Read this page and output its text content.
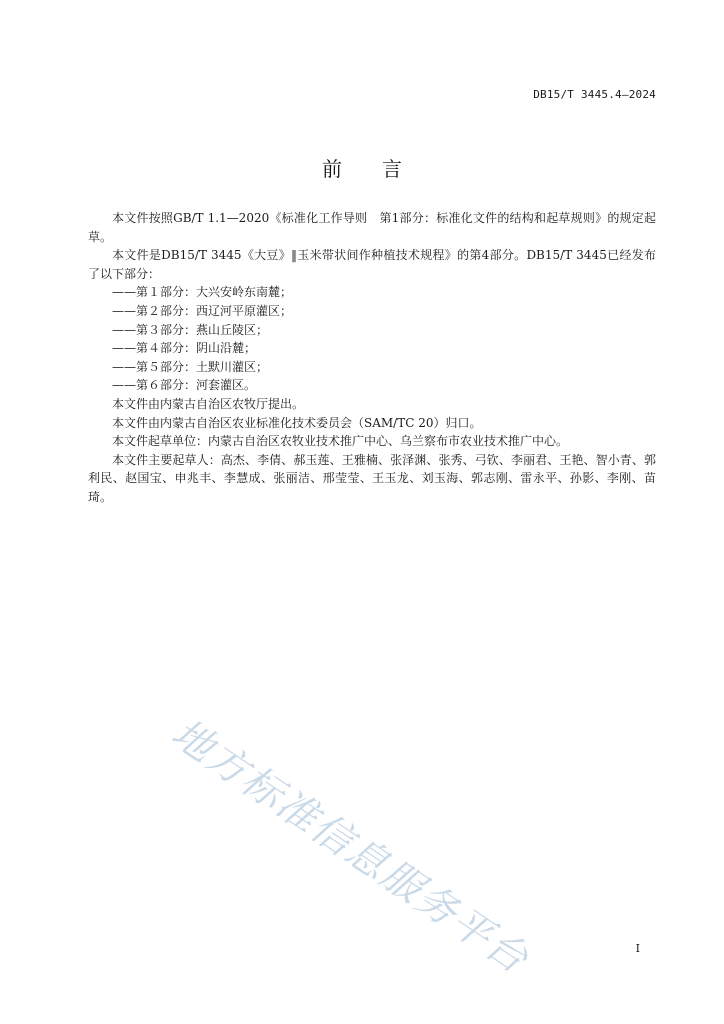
DB15/T 3445.4—2024
前言

本文件按照GB/T 1.1—2020《标准化工作导则　第1部分：标准化文件的结构和起草规则》的规定起草。

本文件是DB15/T 3445《大豆》‖玉米带状间作种植技术规程》的第4部分。DB15/T 3445已经发布了以下部分：

——第１部分：大兴安岭东南麓；

——第２部分：西辽河平原灌区；

——第３部分：燕山丘陵区；

——第４部分：阴山沿麓；

——第５部分：土默川灌区；

——第６部分：河套灌区。

本文件由内蒙古自治区农牧厅提出。

本文件由内蒙古自治区农业标准化技术委员会（SAM/TC 20）归口。

本文件起草单位：内蒙古自治区农牧业技术推广中心、乌兰察布市农业技术推广中心。

本文件主要起草人：高杰、李倩、郝玉莲、王雅楠、张泽渊、张秀、弓钦、李丽君、王艳、智小青、郭利民、赵国宝、申兆丰、李慧成、张丽洁、邢莹莹、王玉龙、刘玉海、郭志刚、雷永平、孙影、李刚、苗琦。

地方标准信息服务平台	I
